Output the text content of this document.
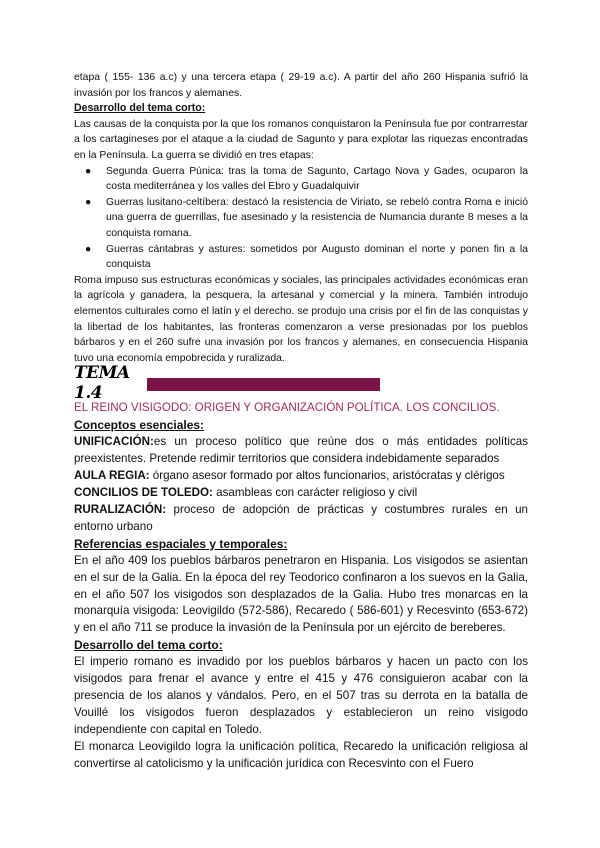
etapa ( 155- 136 a.c) y una tercera etapa ( 29-19 a.c). A partir del año 260 Hispania sufrió la invasión por los francos y alemanes.
Desarrollo del tema corto:
Las causas de la conquista por la que los romanos conquistaron la Península fue por contrarrestar a los cartagineses por el ataque a la ciudad de Sagunto y para explotar las riquezas encontradas en la Península. La guerra se dividió en tres etapas:
● Segunda Guerra Púnica: tras la toma de Sagunto, Cartago Nova y Gades, ocuparon la costa mediterránea y los valles del Ebro y Guadalquivir
● Guerras lusitano-celtíbera: destacó la resistencia de Viriato, se rebeló contra Roma e inició una guerra de guerrillas, fue asesinado y la resistencia de Numancia durante 8 meses a la conquista romana.
● Guerras cántabras y astures: sometidos por Augusto dominan el norte y ponen fin a la conquista
Roma impuso sus estructuras económicas y sociales, las principales actividades económicas eran la agrícola y ganadera, la pesquera, la artesanal y comercial y la minera. También introdujo elementos culturales como el latín y el derecho. se produjo una crisis por el fin de las conquistas y la libertad de los habitantes, las fronteras comenzaron a verse presionadas por los pueblos bárbaros y en el 260 sufre una invasión por los francos y alemanes, en consecuencia Hispania tuvo una economía empobrecida y ruralizada.
TEMA 1.4
EL REINO VISIGODO: ORIGEN Y ORGANIZACIÓN POLÍTICA. LOS CONCILIOS.
Conceptos esenciales:
UNIFICACIÓN:es un proceso político que reúne dos o más entidades políticas preexistentes. Pretende redimir territorios que considera indebidamente separados
AULA REGIA: órgano asesor formado por altos funcionarios, aristócratas y clérigos
CONCILIOS DE TOLEDO: asambleas con carácter religioso y civil
RURALIZACIÓN: proceso de adopción de prácticas y costumbres rurales en un entorno urbano
Referencias espaciales y temporales:
En el año 409 los pueblos bárbaros penetraron en Hispania. Los visigodos se asientan en el sur de la Galia. En la época del rey Teodorico confinaron a los suevos en la Galia, en el año 507 los visigodos son desplazados de la Galia. Hubo tres monarcas en la monarquía visigoda: Leovigildo (572-586), Recaredo ( 586-601) y Recesvinto (653-672) y en el año 711 se produce la invasión de la Península por un ejército de bereberes.
Desarrollo del tema corto:
El imperio romano es invadido por los pueblos bárbaros y hacen un pacto con los visigodos para frenar el avance y entre el 415 y 476 consiguieron acabar con la presencia de los alanos y vándalos. Pero, en el 507 tras su derrota en la batalla de Vouillé los visigodos fueron desplazados y establecieron un reino visigodo independiente con capital en Toledo.
El monarca Leovigildo logra la unificación política, Recaredo la unificación religiosa al convertirse al catolicismo y la unificación jurídica con Recesvinto con el Fuero
